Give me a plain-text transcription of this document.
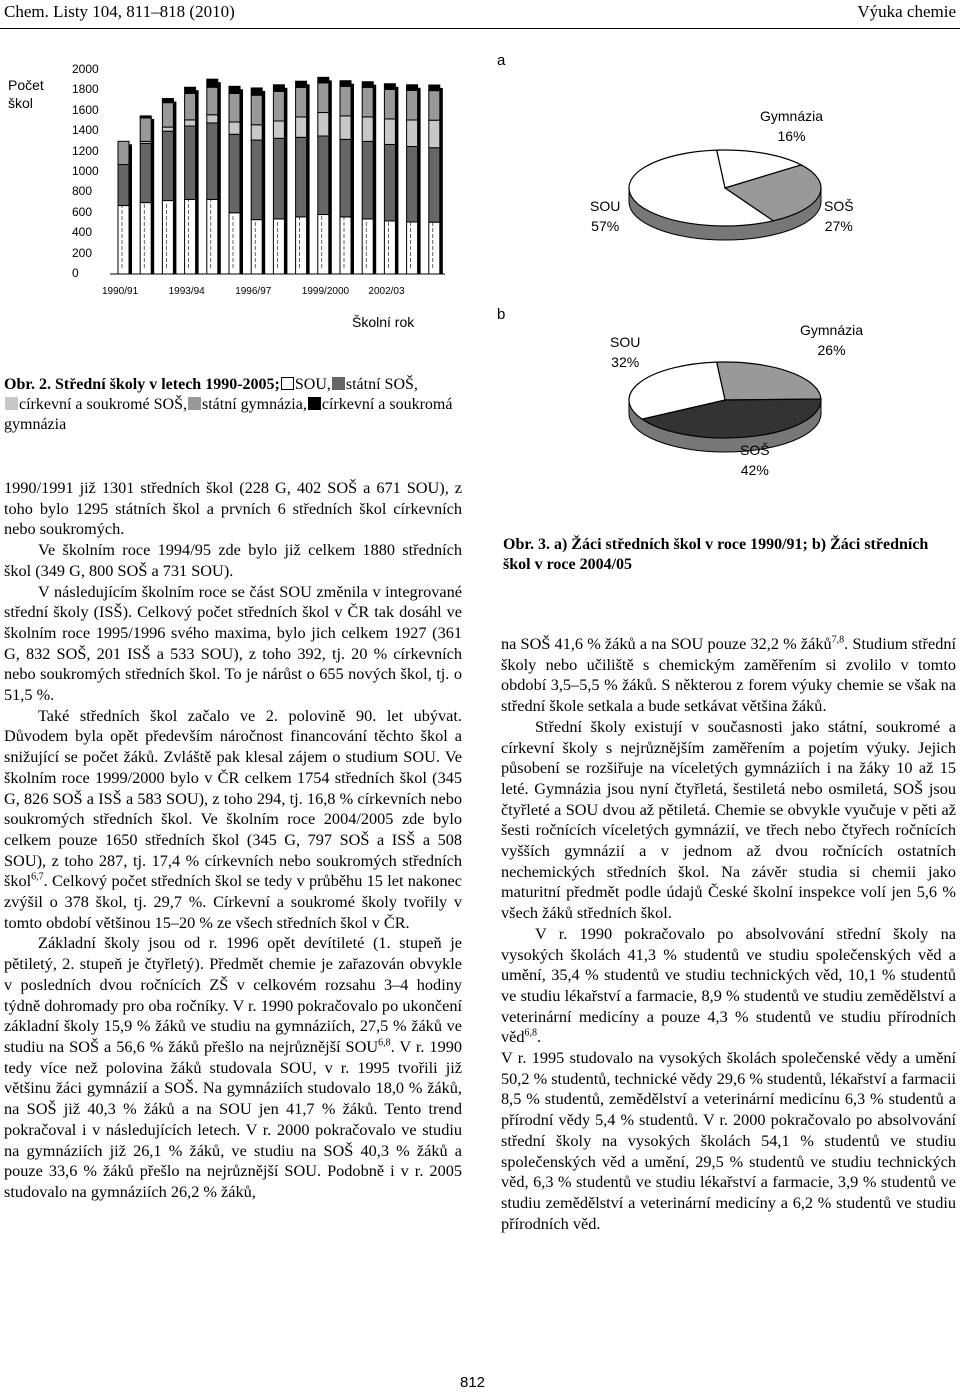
Chem. Listy 104, 811–818 (2010)	Výuka chemie
Počet
škol
0
200
400
600
800
1000
1200
1400
1600
1800
2000
1990/91	1993/94	1996/97	1999/2000 2002/03
Školní rok
Obr. 2. Střední školy v letech 1990-2005; SOU, státní SOŠ,
církevní a soukromé SOŠ, státní gymnázia, církevní a soukromá gymnázia
a
Gymnázia
16%
SOŠ
27%
SOU
57%
b
Gymnázia
26%
SOŠ
42%
SOU
32%
Obr. 3. a) Žáci středních škol v roce 1990/91; b) Žáci středních škol v roce 2004/05

1990/1991 již 1301 středních škol (228 G, 402 SOŠ a 671 SOU), z toho bylo 1295 státních škol a prvních 6 středních škol církevních nebo soukromých.

Ve školním roce 1994/95 zde bylo již celkem 1880 středních škol (349 G, 800 SOŠ a 731 SOU).

V následujícím školním roce se část SOU změnila v integrované střední školy (ISŠ). Celkový počet středních škol v ČR tak dosáhl ve školním roce 1995/1996 svého maxima, bylo jich celkem 1927 (361 G, 832 SOŠ, 201 ISŠ a 533 SOU), z toho 392, tj. 20 % církevních nebo soukromých středních škol. To je nárůst o 655 nových škol, tj. o 51,5 %.

Také středních škol začalo ve 2. polovině 90. let ubývat. Důvodem byla opět především náročnost financování těchto škol a snižující se počet žáků. Zvláště pak klesal zájem o studium SOU. Ve školním roce 1999/2000 bylo v ČR celkem 1754 středních škol (345 G, 826 SOŠ a ISŠ a 583 SOU), z toho 294, tj. 16,8 % církevních nebo soukromých středních škol. Ve školním roce 2004/2005 zde bylo celkem pouze 1650 středních škol (345 G, 797 SOŠ a ISŠ a 508 SOU), z toho 287, tj. 17,4 % církevních nebo soukromých středních škol$^{6,7}$. Celkový počet středních škol se tedy v průběhu 15 let nakonec zvýšil o 378 škol, tj. 29,7 %. Církevní a soukromé školy tvořily v tomto období většinou 15–20 % ze všech středních škol v ČR.

Základní školy jsou od r. 1996 opět devítileté (1. stupeň je pětiletý, 2. stupeň je čtyřletý). Předmět chemie je zařazován obvykle v posledních dvou ročnících ZŠ v celkovém rozsahu 3–4 hodiny týdně dohromady pro oba ročníky. V r. 1990 pokračovalo po ukončení základní školy 15,9 % žáků ve studiu na gymnáziích, 27,5 % žáků ve studiu na SOŠ a 56,6 % žáků přešlo na nejrůznější SOU$^{6,8}$. V r. 1990 tedy více než polovina žáků studovala SOU, v r. 1995 tvořili již většinu žáci gymnázií a SOŠ. Na gymnáziích studovalo 18,0 % žáků, na SOŠ již 40,3 % žáků a na SOU jen 41,7 % žáků. Tento trend pokračoval i v následujících letech. V r. 2000 pokračovalo ve studiu na gymnáziích již 26,1 % žáků, ve studiu na SOŠ 40,3 % žáků a pouze 33,6 % žáků přešlo na nejrůznější SOU. Podobně i v r. 2005 studovalo na gymnáziích 26,2 % žáků,

na SOŠ 41,6 % žáků a na SOU pouze 32,2 % žáků$^{7,8}$. Studium střední školy nebo učiliště s chemickým zaměřením si zvolilo v tomto období 3,5–5,5 % žáků. S některou z forem výuky chemie se však na střední škole setkala a bude setkávat většina žáků.

Střední školy existují v současnosti jako státní, soukromé a církevní školy s nejrůznějším zaměřením a pojetím výuky. Jejich působení se rozšiřuje na víceletých gymnáziích i na žáky 10 až 15 leté. Gymnázia jsou nyní čtyřletá, šestiletá nebo osmiletá, SOŠ jsou čtyřleté a SOU dvou až pětiletá. Chemie se obvykle vyučuje v pěti až šesti ročnících víceletých gymnázií, ve třech nebo čtyřech ročnících vyšších gymnázií a v jednom až dvou ročnících ostatních nechemických středních škol. Na závěr studia si chemii jako maturitní předmět podle údajů České školní inspekce volí jen 5,6 % všech žáků středních škol.

V r. 1990 pokračovalo po absolvování střední školy na vysokých školách 41,3 % studentů ve studiu společenských věd a umění, 35,4 % studentů ve studiu technických věd, 10,1 % studentů ve studiu lékařství a farmacie, 8,9 % studentů ve studiu zemědělství a veterinární medicíny a pouze 4,3 % studentů ve studiu přírodních věd$^{6,8}$.

V r. 1995 studovalo na vysokých školách společenské vědy a umění 50,2 % studentů, technické vědy 29,6 % studentů, lékařství a farmacii 8,5 % studentů, zemědělství a veterinární medicínu 6,3 % studentů a přírodní vědy 5,4 % studentů. V r. 2000 pokračovalo po absolvování střední školy na vysokých školách 54,1 % studentů ve studiu společenských věd a umění, 29,5 % studentů ve studiu technických věd, 6,3 % studentů ve studiu lékařství a farmacie, 3,9 % studentů ve studiu zemědělství a veterinární medicíny a 6,2 % studentů ve studiu přírodních věd.

812
